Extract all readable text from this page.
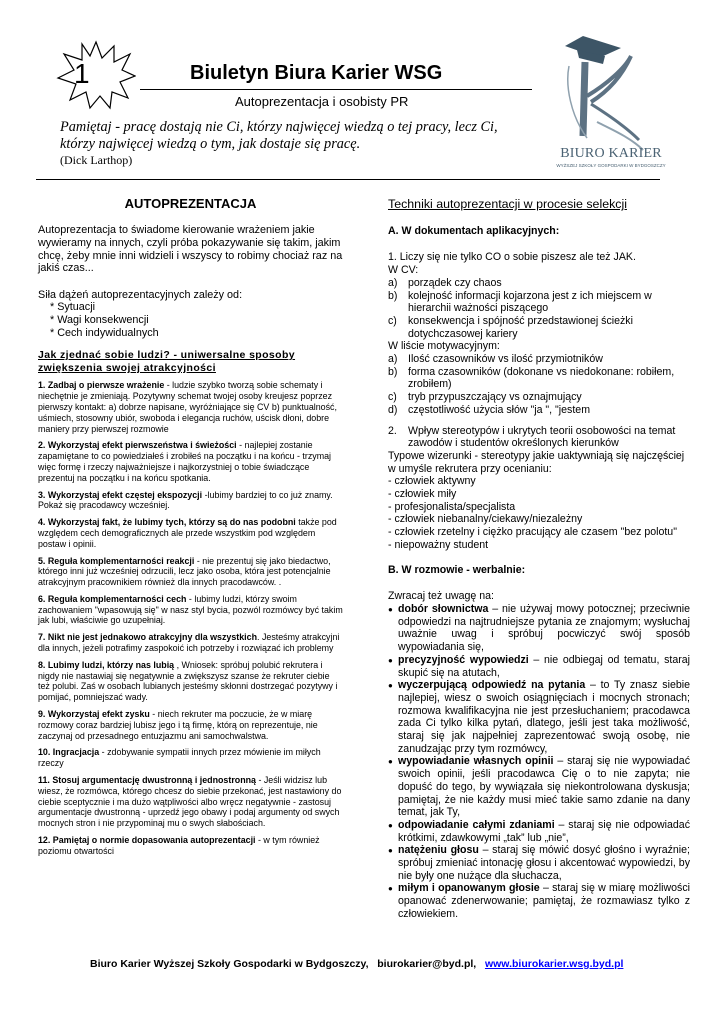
1	Biuletyn Biura Karier WSG
Autoprezentacja i osobisty PR
Pamiętaj - pracę dostają nie Ci, którzy najwięcej wiedzą o tej pracy, lecz Ci,
którzy najwięcej wiedzą o tym, jak dostaje się pracę.
(Dick Larthop)	BIURO KARIER
WYŻSZEJ SZKOŁY GOSPODARKI W BYDGOSZCZY
AUTOPREZENTACJA
Autoprezentacja to świadome kierowanie wrażeniem jakie wywieramy na innych, czyli próba pokazywanie się takim, jakim chcę, żeby mnie inni widzieli i wszyscy to robimy chociaż raz na jakiś czas...
Siła dążeń autoprezentacyjnych zależy od:
* Sytuacji
* Wagi konsekwencji
* Cech indywidualnych
Jak zjednać sobie ludzi? - uniwersalne sposoby zwiększenia swojej atrakcyjności
1. Zadbaj o pierwsze wrażenie - ludzie szybko tworzą sobie schematy i niechętnie je zmieniają. Pozytywny schemat twojej osoby kreujesz poprzez pierwszy kontakt: a) dobrze napisane, wyróżniające się CV b) punktualność, uśmiech, stosowny ubiór, swoboda i elegancja ruchów, uścisk dłoni, dobre maniery przy pierwszej rozmowie
2. Wykorzystaj efekt pierwszeństwa i świeżości - najlepiej zostanie zapamiętane to co powiedziałeś i zrobiłeś na początku i na końcu - trzymaj więc formę i rzeczy najważniejsze i najkorzystniej o tobie świadczące prezentuj na początku i na końcu spotkania.
3. Wykorzystaj efekt częstej ekspozycji -lubimy bardziej to co już znamy. Pokaż się pracodawcy wcześniej.
4. Wykorzystaj fakt, że lubimy tych, którzy są do nas podobni także pod względem cech demograficznych ale przede wszystkim pod względem postaw i opinii.
5. Reguła komplementarności reakcji - nie prezentuj się jako biedactwo, którego inni już wcześniej odrzucili, lecz jako osoba, która jest potencjalnie atrakcyjnym pracownikiem również dla innych pracodawców. .
6. Reguła komplementarności cech - lubimy ludzi, którzy swoim zachowaniem "wpasowują się" w nasz styl bycia, pozwól rozmówcy być takim jak lubi, właściwie go uzupełniaj.
7. Nikt nie jest jednakowo atrakcyjny dla wszystkich. Jesteśmy atrakcyjni dla innych, jeżeli potrafimy zaspokoić ich potrzeby i rozwiązać ich problemy
8. Lubimy ludzi, którzy nas lubią , Wniosek: spróbuj polubić rekrutera i nigdy nie nastawiaj się negatywnie a zwiększysz szanse że rekruter ciebie też polubi. Zaś w osobach lubianych jesteśmy skłonni dostrzegać pozytywy i pomijać, pomniejszać wady.
9. Wykorzystaj efekt zysku - niech rekruter ma poczucie, że w miarę rozmowy coraz bardziej lubisz jego i tą firmę, którą on reprezentuje, nie zaczynaj od przesadnego entuzjazmu ani samochwalstwa.
10. Ingracjacja - zdobywanie sympatii innych przez mówienie im miłych rzeczy
11. Stosuj argumentację dwustronną i jednostronną - Jeśli widzisz lub wiesz, że rozmówca, którego chcesz do siebie przekonać, jest nastawiony do ciebie sceptycznie i ma dużo wątpliwości albo wręcz negatywnie - zastosuj argumentacje dwustronną - uprzedź jego obawy i podaj argumenty od swych mocnych stron i nie przypominaj mu o swych słabościach.
12. Pamiętaj o normie dopasowania autoprezentacji - w tym również poziomu otwartości
Techniki autoprezentacji w procesie selekcji
A. W dokumentach aplikacyjnych:
1. Liczy się nie tylko CO o sobie piszesz ale też JAK.
W CV:
a) porządek czy chaos
b) kolejność informacji kojarzona jest z ich miejscem w hierarchii ważności piszącego
c)	konsekwencja i spójność przedstawionej ścieżki dotychczasowej kariery
W liście motywacyjnym:
a) Ilość czasowników vs ilość przymiotników
b) forma czasowników (dokonane vs niedokonane: robiłem, zrobiłem)
c)	tryb przypuszczający vs oznajmujący
d) częstotliwość użycia słów "ja ", "jestem
2.	Wpływ stereotypów i ukrytych teorii osobowości na temat zawodów i studentów określonych kierunków
Typowe wizerunki - stereotypy jakie uaktywniają się najczęściej w umyśle rekrutera przy ocenianiu:
- człowiek aktywny
- człowiek miły
- profesjonalista/specjalista
- człowiek niebanalny/ciekawy/niezależny
- człowiek rzetelny i ciężko pracujący ale czasem "bez polotu"
- niepoważny student
B. W rozmowie - werbalnie:
Zwracaj też uwagę na:
● dobór słownictwa – nie używaj mowy potocznej; przeciwnie odpowiedzi na najtrudniejsze pytania ze znajomym; wysłuchaj uważnie uwag i spróbuj pocwiczyć swój sposób wypowiadania się,
● precyzyjność wypowiedzi – nie odbiegaj od tematu, staraj skupić się na atutach,
● wyczerpującą odpowiedź na pytania – to Ty znasz siebie najlepiej, wiesz o swoich osiągnięciach i mocnych stronach; rozmowa kwalifikacyjna nie jest przesłuchaniem; pracodawca zada Ci tylko kilka pytań, dlatego, jeśli jest taka możliwość, staraj się jak najpełniej zaprezentować swoją osobę, nie zanudzając przy tym rozmówcy,
● wypowiadanie własnych opinii – staraj się nie wypowiadać swoich opinii, jeśli pracodawca Cię o to nie zapyta; nie dopuść do tego, by wywiązała się niekontrolowana dyskusja; pamiętaj, że nie każdy musi mieć takie samo zdanie na dany temat, jak Ty,
● odpowiadanie całymi zdaniami – staraj się nie odpowiadać krótkimi, zdawkowymi „tak” lub „nie”,
● natężeniu głosu – staraj się mówić dosyć głośno i wyraźnie; spróbuj zmieniać intonację głosu i akcentować wypowiedzi, by nie były one nużące dla słuchacza,
● miłym i opanowanym głosie – staraj się w miarę możliwości opanować zdenerwowanie; pamiętaj, że rozmawiasz tylko z człowiekiem.
Biuro Karier Wyższej Szkoły Gospodarki w Bydgoszczy,   biurokarier@byd.pl,   www.biurokarier.wsg.byd.pl
